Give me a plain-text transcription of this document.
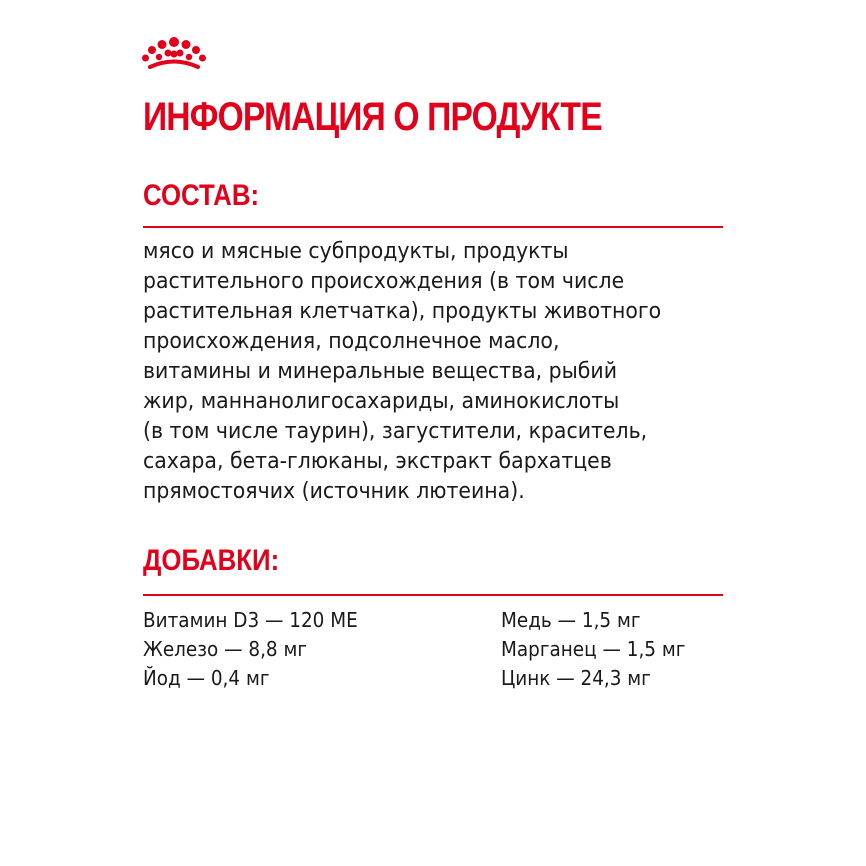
ИНФОРМАЦИЯ О ПРОДУКТЕ
СОСТАВ:

мясо и мясные субпродукты, продукты
растительного происхождения (в том числе
растительная клетчатка), продукты животного
происхождения, подсолнечное масло,
витамины и минеральные вещества, рыбий
жир, маннанолигосахариды, аминокислоты
(в том числе таурин), загустители, краситель,
сахара, бета-глюканы, экстракт бархатцев
прямостоячих (источник лютеина).

ДОБАВКИ:
Витамин D3 — 120 МЕ
Железо — 8,8 мг
Йод — 0,4 мг
Медь — 1,5 мг
Марганец — 1,5 мг
Цинк — 24,3 мг
